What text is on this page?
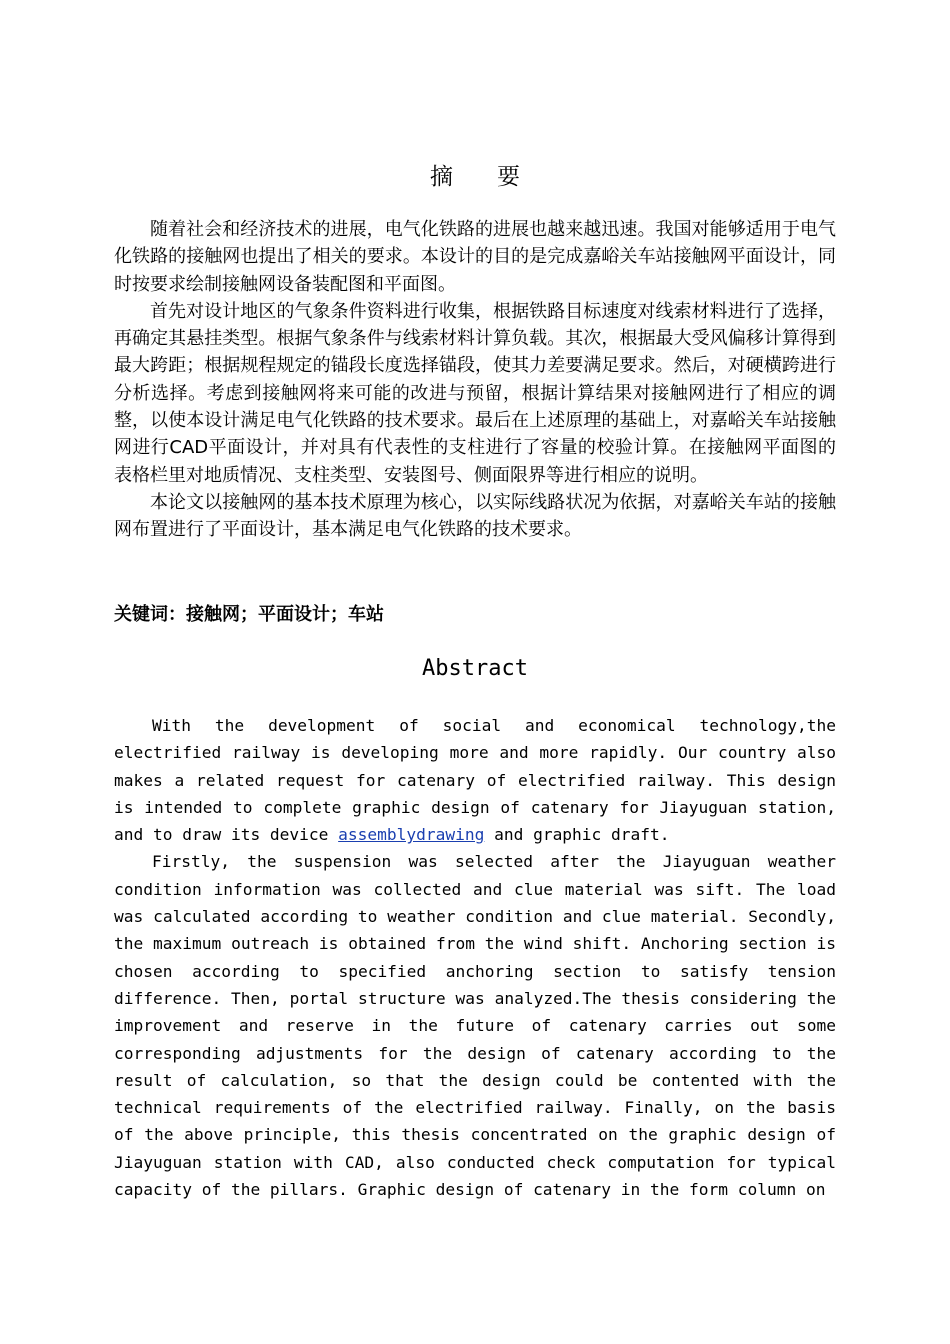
摘要

随着社会和经济技术的进展，电气化铁路的进展也越来越迅速。我国对能够适用于电气化铁路的接触网也提出了相关的要求。本设计的目的是完成嘉峪关车站接触网平面设计，同时按要求绘制接触网设备装配图和平面图。

首先对设计地区的气象条件资料进行收集，根据铁路目标速度对线索材料进行了选择，再确定其悬挂类型。根据气象条件与线索材料计算负载。其次，根据最大受风偏移计算得到最大跨距；根据规程规定的锚段长度选择锚段，使其力差要满足要求。然后，对硬横跨进行分析选择。考虑到接触网将来可能的改进与预留，根据计算结果对接触网进行了相应的调整，以使本设计满足电气化铁路的技术要求。最后在上述原理的基础上，对嘉峪关车站接触网进行CAD平面设计，并对具有代表性的支柱进行了容量的校验计算。在接触网平面图的表格栏里对地质情况、支柱类型、安装图号、侧面限界等进行相应的说明。

本论文以接触网的基本技术原理为核心，以实际线路状况为依据，对嘉峪关车站的接触网布置进行了平面设计，基本满足电气化铁路的技术要求。

关键词：接触网；平面设计；车站
Abstract

With the development of social and economical technology,the electrified railway is developing more and more rapidly. Our country also makes a related request for catenary of electrified railway. This design is intended to complete graphic design of catenary for Jiayuguan station, and to draw its device assemblydrawing and graphic draft.

Firstly, the suspension was selected after the Jiayuguan weather condition information was collected and clue material was sift. The load was calculated according to weather condition and clue material. Secondly, the maximum outreach is obtained from the wind shift. Anchoring section is chosen according to specified anchoring section to satisfy tension difference. Then, portal structure was analyzed.The thesis considering the improvement and reserve in the future of catenary carries out some corresponding adjustments for the design of catenary according to the result of calculation, so that the design could be contented with the technical requirements of the electrified railway. Finally, on the basis of the above principle, this thesis concentrated on the graphic design of Jiayuguan station with CAD, also conducted check computation for typical capacity of the pillars. Graphic design of catenary in the form column on
